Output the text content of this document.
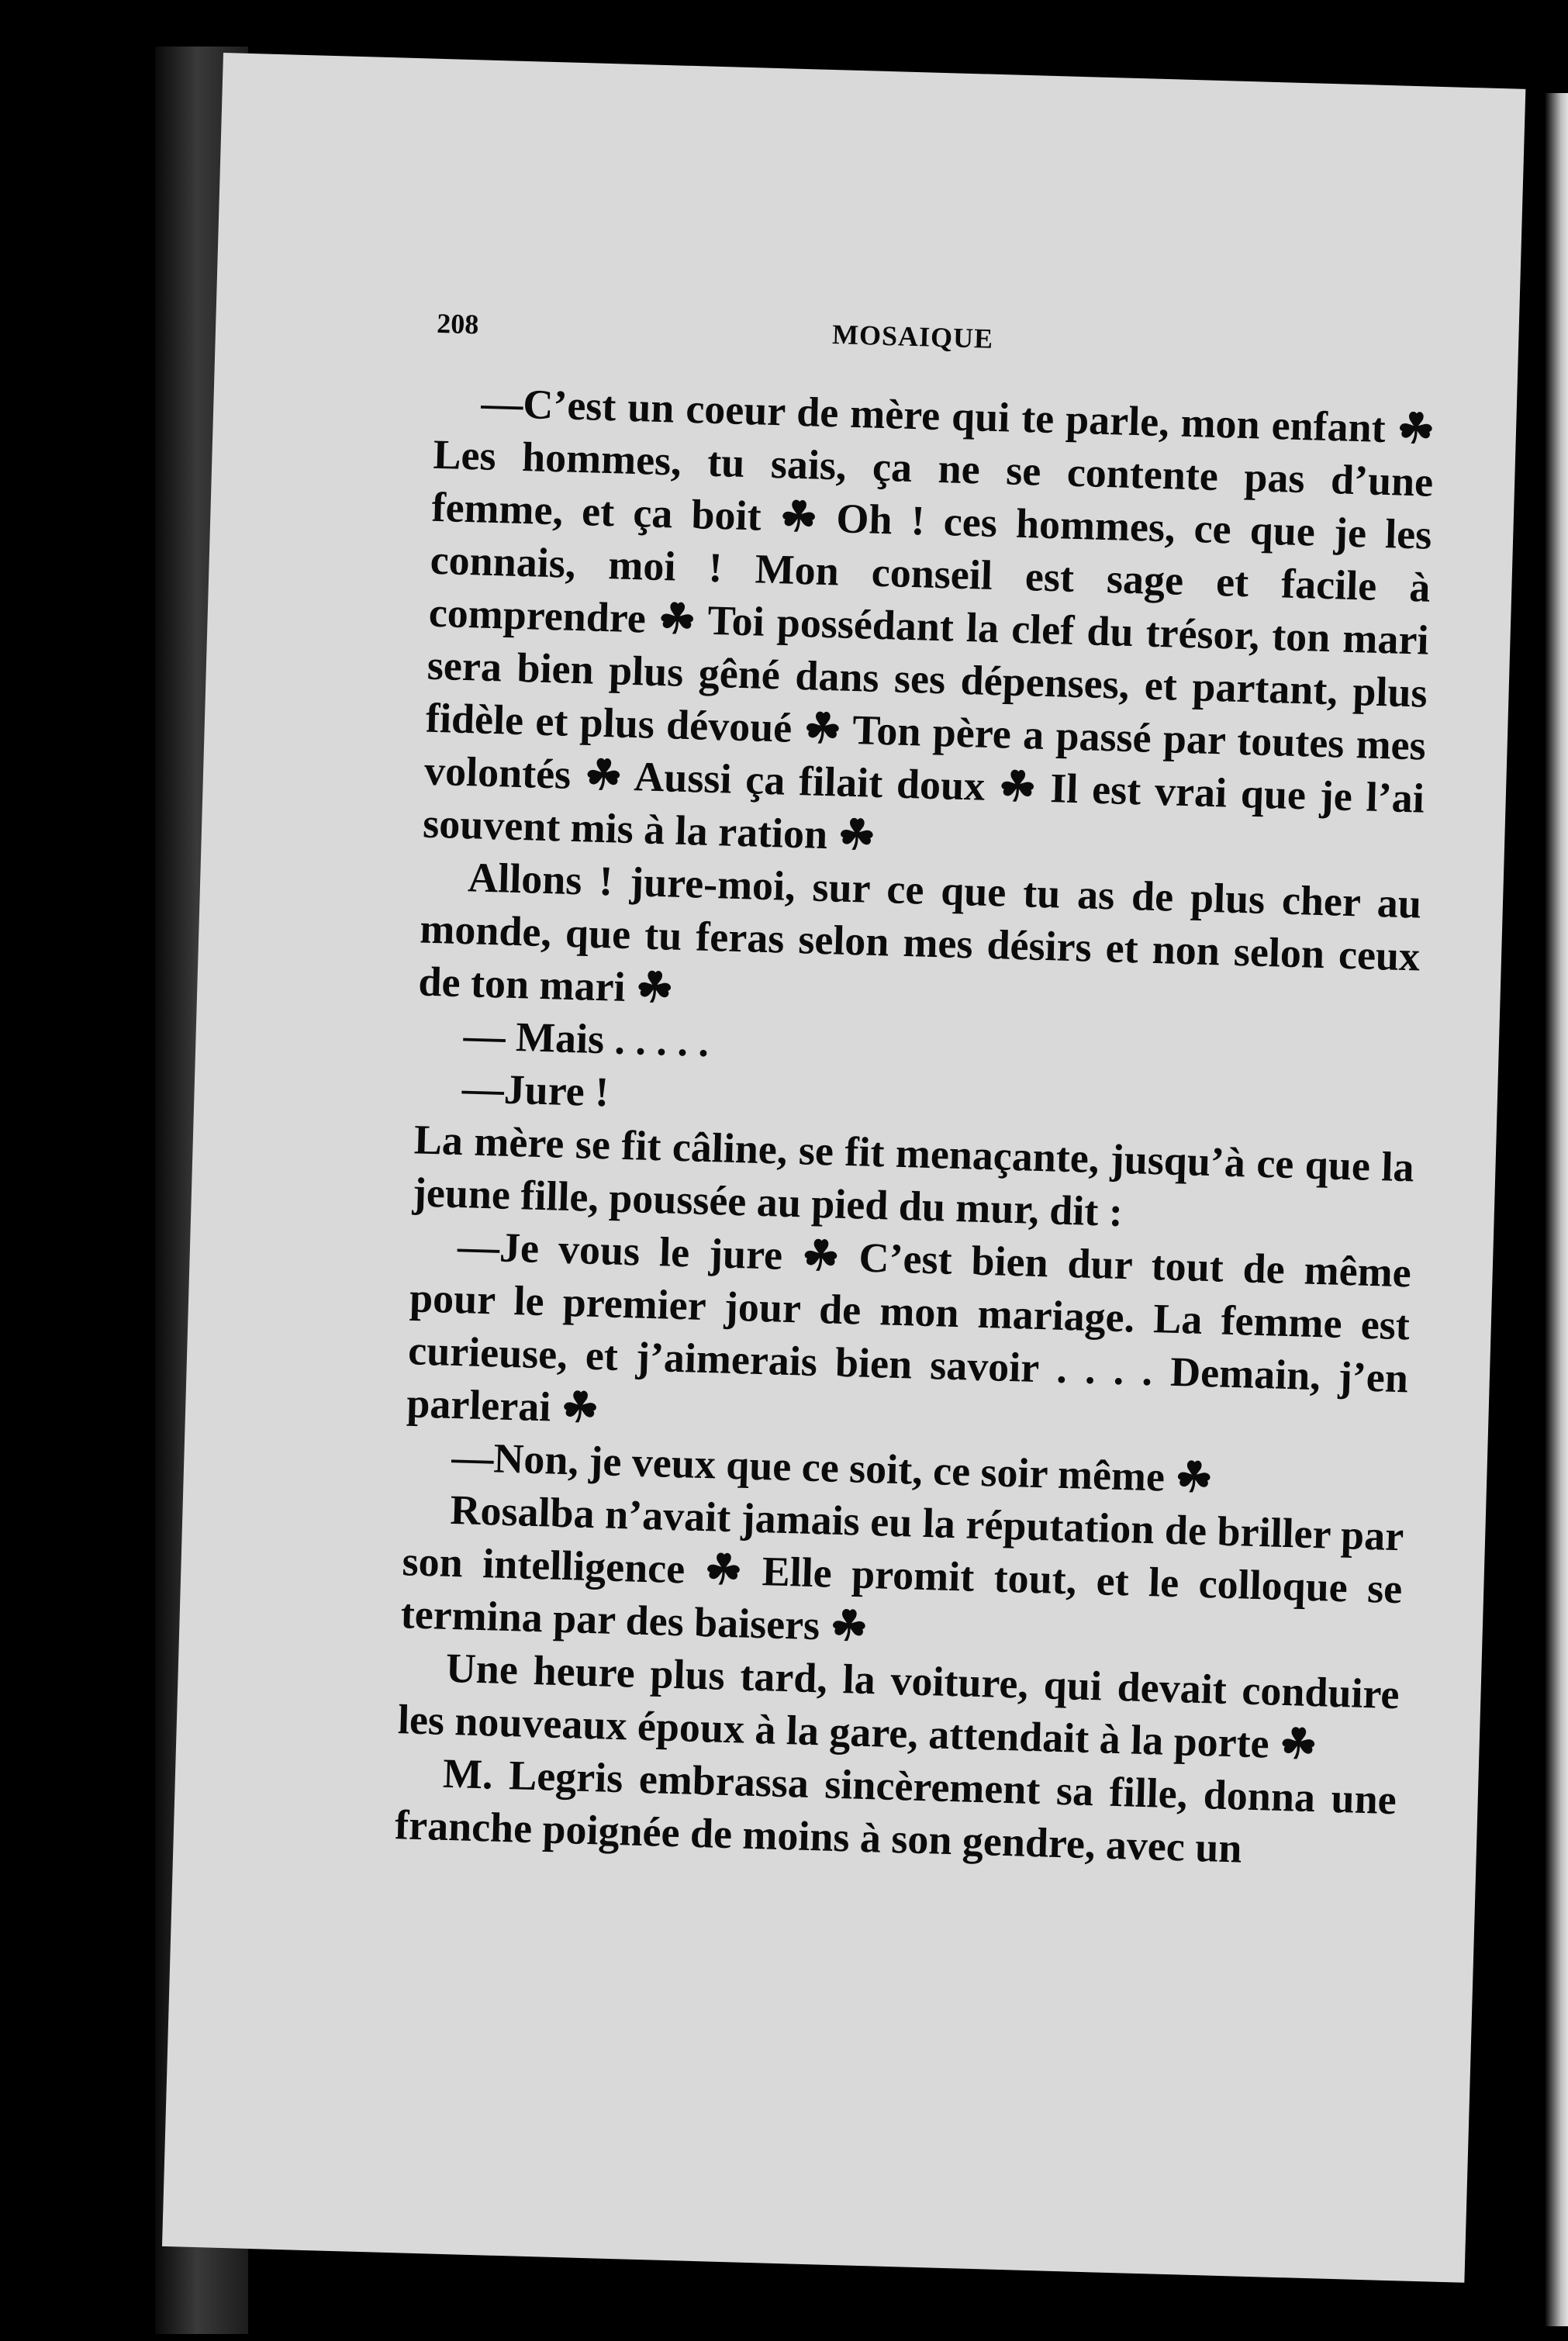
208	MOSAIQUE

—C’est un coeur de mère qui te parle, mon enfant ☘ Les hommes, tu sais, ça ne se contente pas d’une femme, et ça boit ☘ Oh ! ces hommes, ce que je les connais, moi ! Mon conseil est sage et facile à comprendre ☘ Toi possédant la clef du trésor, ton mari sera bien plus gêné dans ses dépenses, et partant, plus fidèle et plus dévoué ☘ Ton père a passé par toutes mes volontés ☘ Aussi ça filait doux ☘ Il est vrai que je l’ai souvent mis à la ration ☘

Allons ! jure-moi, sur ce que tu as de plus cher au monde, que tu feras selon mes désirs et non selon ceux de ton mari ☘

— Mais . . . . .

—Jure !

La mère se fit câline, se fit menaçante, jusqu’à ce que la jeune fille, poussée au pied du mur, dit :

—Je vous le jure ☘ C’est bien dur tout de même pour le premier jour de mon mariage. La femme est curieuse, et j’aimerais bien savoir . . . . Demain, j’en parlerai ☘

—Non, je veux que ce soit, ce soir même ☘

Rosalba n’avait jamais eu la réputation de briller par son intelligence ☘ Elle promit tout, et le colloque se termina par des baisers ☘

Une heure plus tard, la voiture, qui devait conduire les nouveaux époux à la gare, attendait à la porte ☘

M. Legris embrassa sincèrement sa fille, donna une franche poignée de moins à son gendre, avec un
